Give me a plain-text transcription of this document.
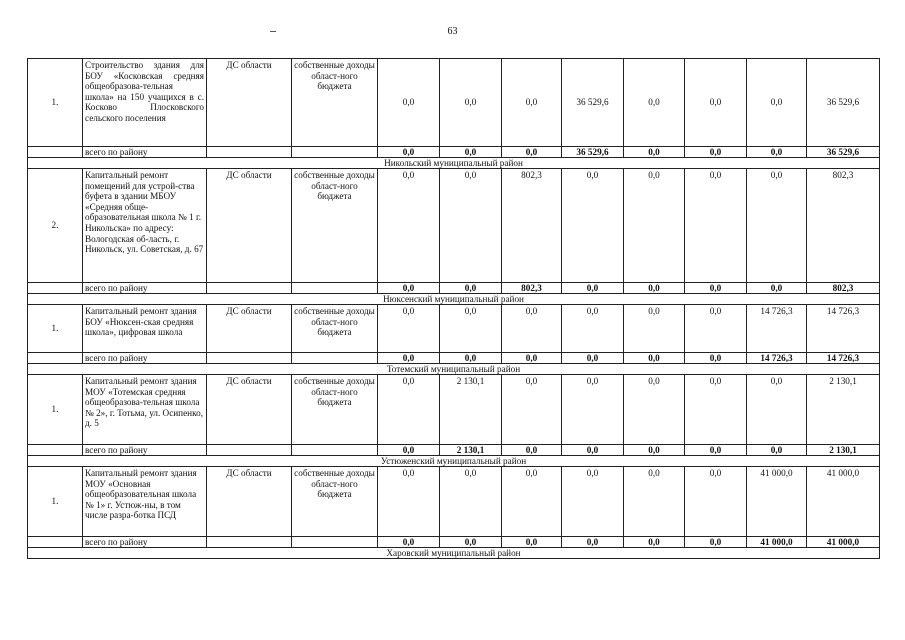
63
1.	Строительство здания для БОУ «Косковская средняя общеобразова-тельная школа» на 150 учащихся в с. Косково Плосковского сельского поселения	ДС области	собственные доходы област-ного бюджета	0,0	0,0	0,0	36 529,6	0,0	0,0	0,0	36 529,6
	всего по району			0,0	0,0	0,0	36 529,6	0,0	0,0	0,0	36 529,6
Никольский муниципальный район											
2.	Капитальный ремонт помещений для устрой-ства буфета в здании МБОУ «Средняя обще-образовательная школа № 1 г. Никольска» по адресу: Вологодская об-ласть, г. Никольск, ул. Советская, д. 67	ДС области	собственные доходы област-ного бюджета	0,0	0,0	802,3	0,0	0,0	0,0	0,0	802,3
	всего по району			0,0	0,0	802,3	0,0	0,0	0,0	0,0	802,3
Нюксенский муниципальный район											
1.	Капитальный ремонт здания БОУ «Нюксен-ская средняя школа», цифровая школа	ДС области	собственные доходы област-ного бюджета	0,0	0,0	0,0	0,0	0,0	0,0	14 726,3	14 726,3
	всего по району			0,0	0,0	0,0	0,0	0,0	0,0	14 726,3	14 726,3
Тотемский муниципальный район											
1.	Капитальный ремонт здания МОУ «Тотемская средняя общеобразова-тельная школа № 2», г. Тотьма, ул. Осипенко, д. 5	ДС области	собственные доходы област-ного бюджета	0,0	2 130,1	0,0	0,0	0,0	0,0	0,0	2 130,1
	всего по району			0,0	2 130,1	0,0	0,0	0,0	0,0	0,0	2 130,1
Устюженский муниципальный район											
1.	Капитальный ремонт здания МОУ «Основная общеобразовательная школа № 1» г. Устюж-ны, в том числе разра-ботка ПСД	ДС области	собственные доходы област-ного бюджета	0,0	0,0	0,0	0,0	0,0	0,0	41 000,0	41 000,0
	всего по району			0,0	0,0	0,0	0,0	0,0	0,0	41 000,0	41 000,0
Харовский муниципальный район											
